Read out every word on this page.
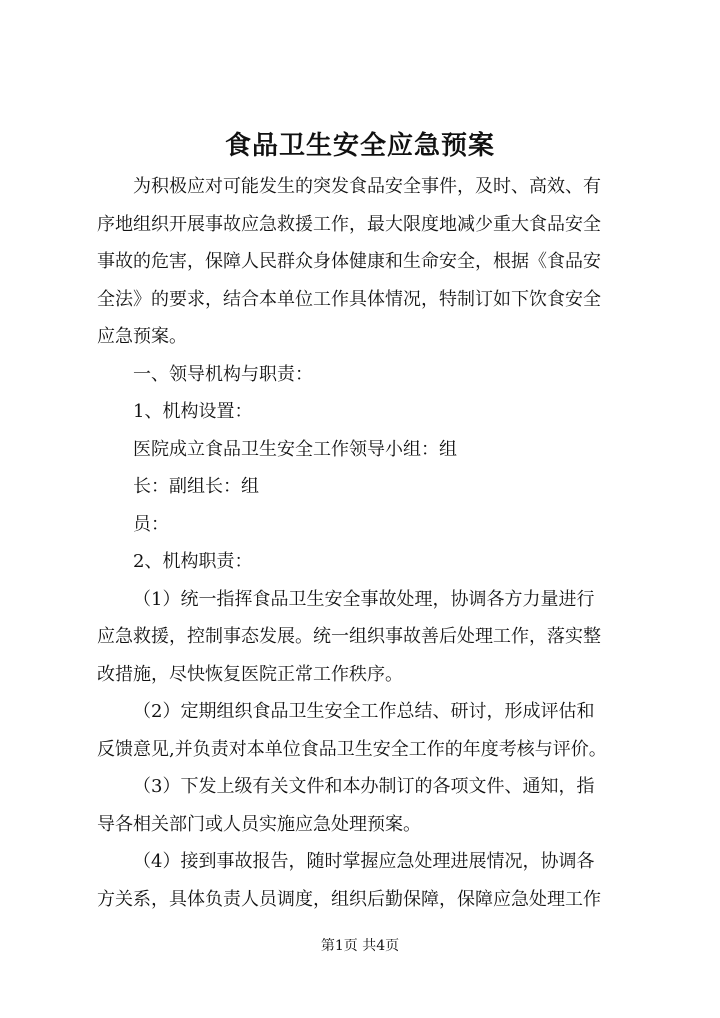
食品卫生安全应急预案

为积极应对可能发生的突发食品安全事件，及时、高效、有
序地组织开展事故应急救援工作，最大限度地减少重大食品安全
事故的危害，保障人民群众身体健康和生命安全，根据《食品安
全法》的要求，结合本单位工作具体情况，特制订如下饮食安全
应急预案。

一、领导机构与职责：

1、机构设置：

医院成立食品卫生安全工作领导小组：组

长：副组长：组

员：

2、机构职责：

（1）统一指挥食品卫生安全事故处理，协调各方力量进行
应急救援，控制事态发展。统一组织事故善后处理工作，落实整
改措施，尽快恢复医院正常工作秩序。

（2）定期组织食品卫生安全工作总结、研讨，形成评估和
反馈意见,并负责对本单位食品卫生安全工作的年度考核与评价。

（3）下发上级有关文件和本办制订的各项文件、通知，指
导各相关部门或人员实施应急处理预案。

（4）接到事故报告，随时掌握应急处理进展情况，协调各
方关系，具体负责人员调度，组织后勤保障，保障应急处理工作

第1页 共4页
